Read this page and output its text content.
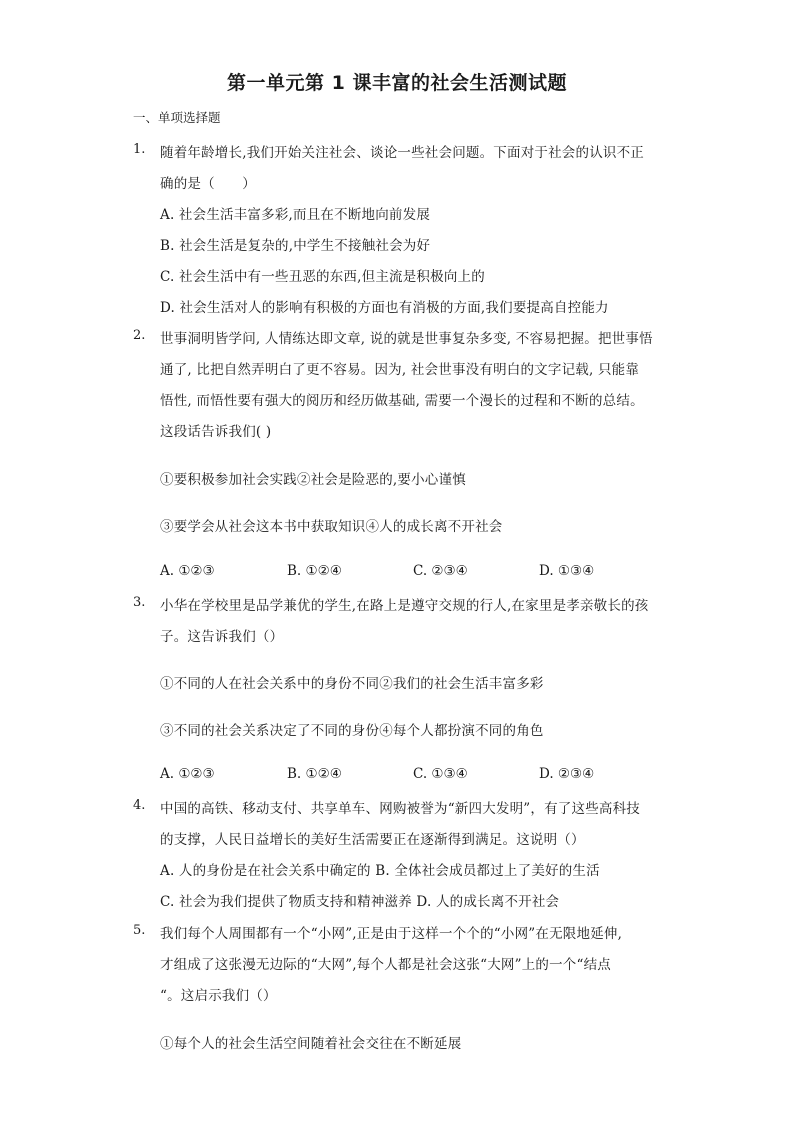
第一单元第 1 课丰富的社会生活测试题
一、单项选择题
1. 随着年龄增长,我们开始关注社会、谈论一些社会问题。下面对于社会的认识不正
确的是（　　）
A. 社会生活丰富多彩,而且在不断地向前发展
B. 社会生活是复杂的,中学生不接触社会为好
C. 社会生活中有一些丑恶的东西,但主流是积极向上的
D. 社会生活对人的影响有积极的方面也有消极的方面,我们要提高自控能力
2. 世事洞明皆学问, 人情练达即文章, 说的就是世事复杂多变, 不容易把握。把世事悟
通了, 比把自然弄明白了更不容易。因为, 社会世事没有明白的文字记载, 只能靠
悟性, 而悟性要有强大的阅历和经历做基础, 需要一个漫长的过程和不断的总结。
这段话告诉我们( )
①要积极参加社会实践②社会是险恶的,要小心谨慎
③要学会从社会这本书中获取知识④人的成长离不开社会
A. ①②③	B. ①②④	C. ②③④	D. ①③④
3. 小华在学校里是品学兼优的学生,在路上是遵守交规的行人,在家里是孝亲敬长的孩
子。这告诉我们（）
①不同的人在社会关系中的身份不同②我们的社会生活丰富多彩
③不同的社会关系决定了不同的身份④每个人都扮演不同的角色
A. ①②③	B. ①②④	C. ①③④	D. ②③④
4. 中国的高铁、移动支付、共享单车、网购被誉为“新四大发明”，有了这些高科技
的支撑，人民日益增长的美好生活需要正在逐渐得到满足。这说明（）
A. 人的身份是在社会关系中确定的 B. 全体社会成员都过上了美好的生活
C. 社会为我们提供了物质支持和精神滋养 D. 人的成长离不开社会
5. 我们每个人周围都有一个“小网”,正是由于这样一个个的“小网”在无限地延伸,
才组成了这张漫无边际的“大网”,每个人都是社会这张“大网”上的一个“结点
“。这启示我们（）
①每个人的社会生活空间随着社会交往在不断延展
